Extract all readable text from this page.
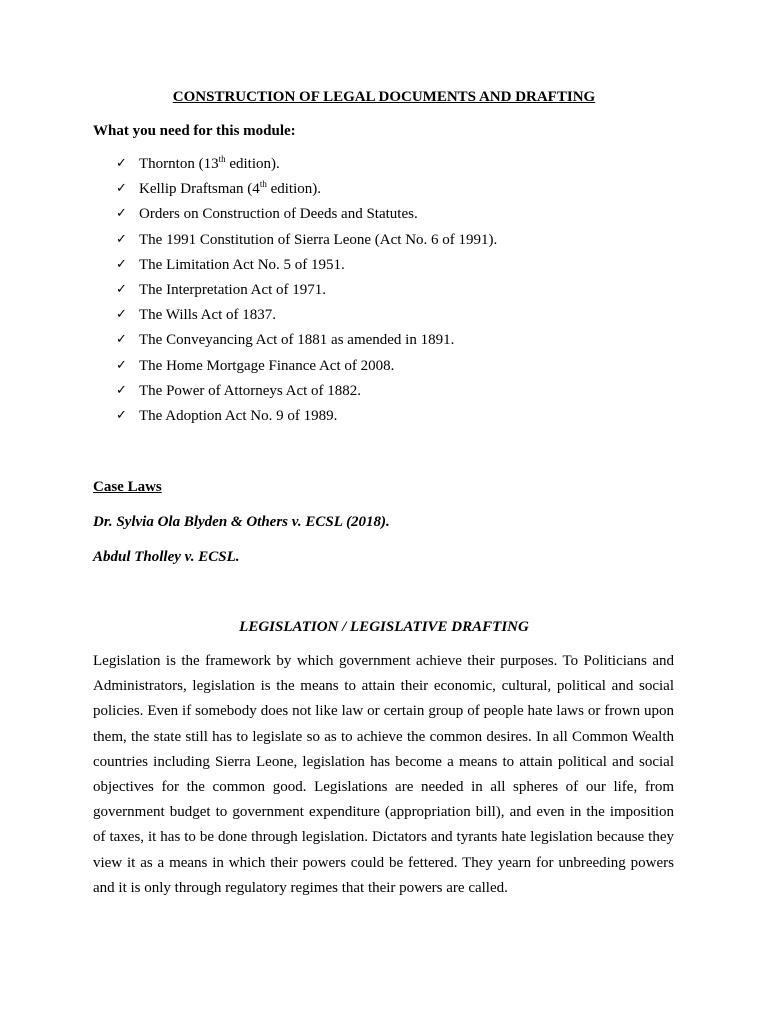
CONSTRUCTION OF LEGAL DOCUMENTS AND DRAFTING
What you need for this module:
✓ Thornton (13th edition).
✓ Kellip Draftsman (4th edition).
✓ Orders on Construction of Deeds and Statutes.
✓ The 1991 Constitution of Sierra Leone (Act No. 6 of 1991).
✓ The Limitation Act No. 5 of 1951.
✓ The Interpretation Act of 1971.
✓ The Wills Act of 1837.
✓ The Conveyancing Act of 1881 as amended in 1891.
✓ The Home Mortgage Finance Act of 2008.
✓ The Power of Attorneys Act of 1882.
✓ The Adoption Act No. 9 of 1989.
Case Laws
Dr. Sylvia Ola Blyden & Others v. ECSL (2018).
Abdul Tholley v. ECSL.
LEGISLATION / LEGISLATIVE DRAFTING

Legislation is the framework by which government achieve their purposes. To Politicians and Administrators, legislation is the means to attain their economic, cultural, political and social policies. Even if somebody does not like law or certain group of people hate laws or frown upon them, the state still has to legislate so as to achieve the common desires. In all Common Wealth countries including Sierra Leone, legislation has become a means to attain political and social objectives for the common good. Legislations are needed in all spheres of our life, from government budget to government expenditure (appropriation bill), and even in the imposition of taxes, it has to be done through legislation. Dictators and tyrants hate legislation because they view it as a means in which their powers could be fettered. They yearn for unbreeding powers and it is only through regulatory regimes that their powers are called.
